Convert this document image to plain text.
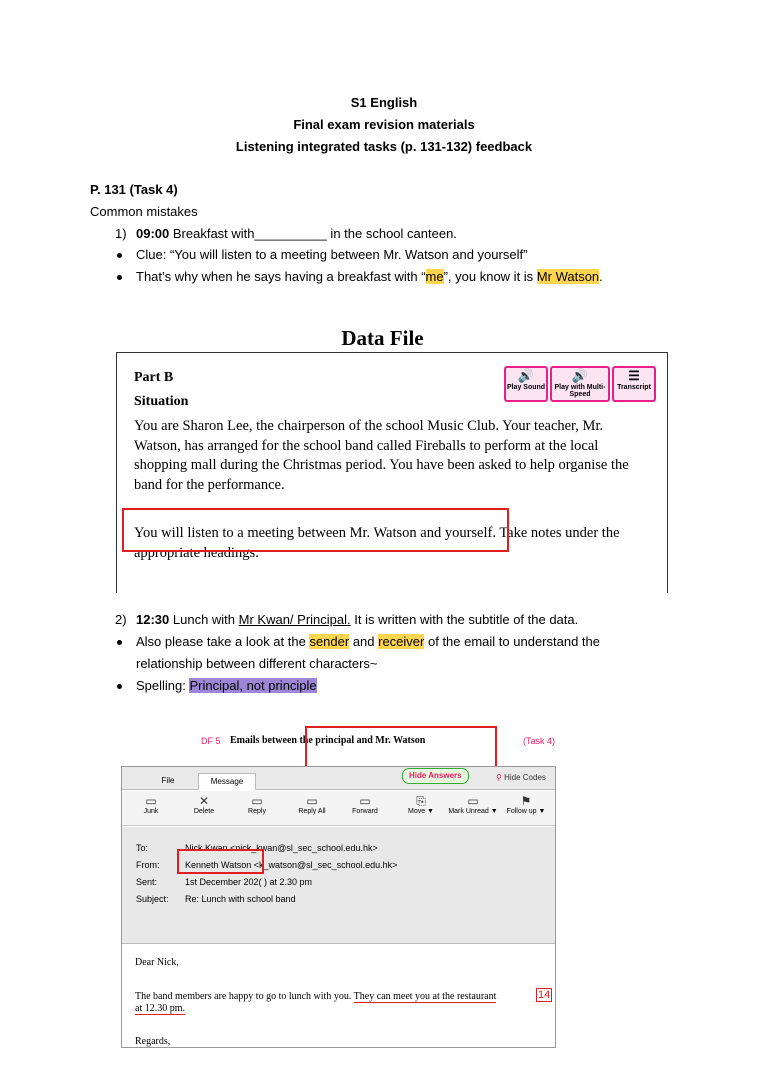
S1 English
Final exam revision materials
Listening integrated tasks (p. 131-132) feedback
P. 131 (Task 4)
Common mistakes
1) 09:00 Breakfast with__________ in the school canteen.
Clue: “You will listen to a meeting between Mr. Watson and yourself”
That’s why when he says having a breakfast with “me”, you know it is Mr Watson.
Data File
Part B
Situation
🔊
Play Sound
🔊
Play with Multi-Speed
☰
Transcript
You are Sharon Lee, the chairperson of the school Music Club. Your teacher, Mr.
Watson, has arranged for the school band called Fireballs to perform at the local
shopping mall during the Christmas period. You have been asked to help organise the
band for the performance.
You will listen to a meeting between Mr. Watson and yourself. Take notes under the
appropriate headings.
2) 12:30 Lunch with Mr Kwan/ Principal. It is written with the subtitle of the data.
Also please take a look at the sender and receiver of the email to understand the
relationship between different characters~
Spelling: Principal, not principle
DF 5 Emails between the principal and Mr. Watson	(Task 4)
File	Message
Hide Answers	⚲ Hide Codes
▭
Junk
✕
Delete
▭
Reply
▭
Reply All
▭
Forward
⎘
Move ▼
▭
Mark Unread ▼
⚑
Follow up ▼
To:	Nick Kwan <nick_kwan@sl_sec_school.edu.hk>
From:	Kenneth Watson <k_watson@sl_sec_school.edu.hk>
Sent:	1st December 202( ) at 2.30 pm
Subject: Re: Lunch with school band
Dear Nick,
The band members are happy to go to lunch with you. They can meet you at the restaurant	14
at 12.30 pm.
Regards,
